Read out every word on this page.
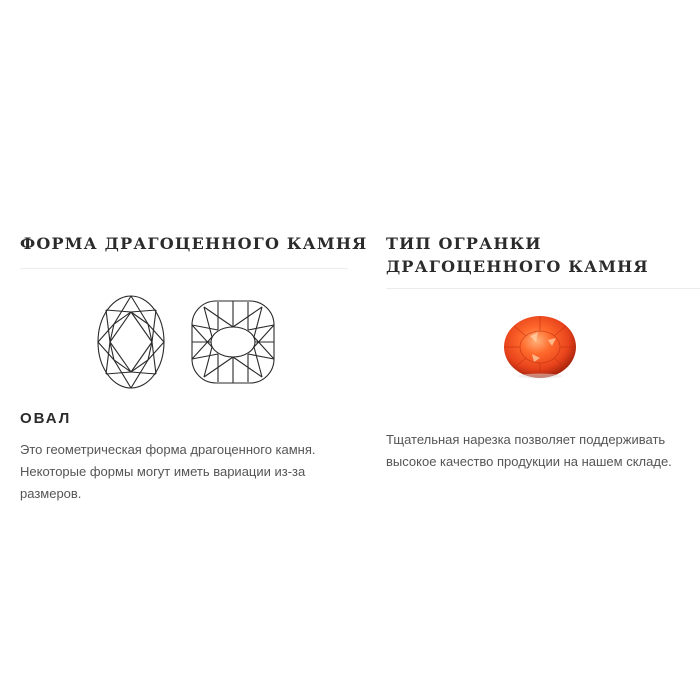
ФОРМА ДРАГОЦЕННОГО КАМНЯ
ОВАЛ

Это геометрическая форма драгоценного камня. Некоторые формы могут иметь вариации из-за размеров.

ТИП ОГРАНКИ ДРАГОЦЕННОГО КАМНЯ

Тщательная нарезка позволяет поддерживать высокое качество продукции на нашем складе.
